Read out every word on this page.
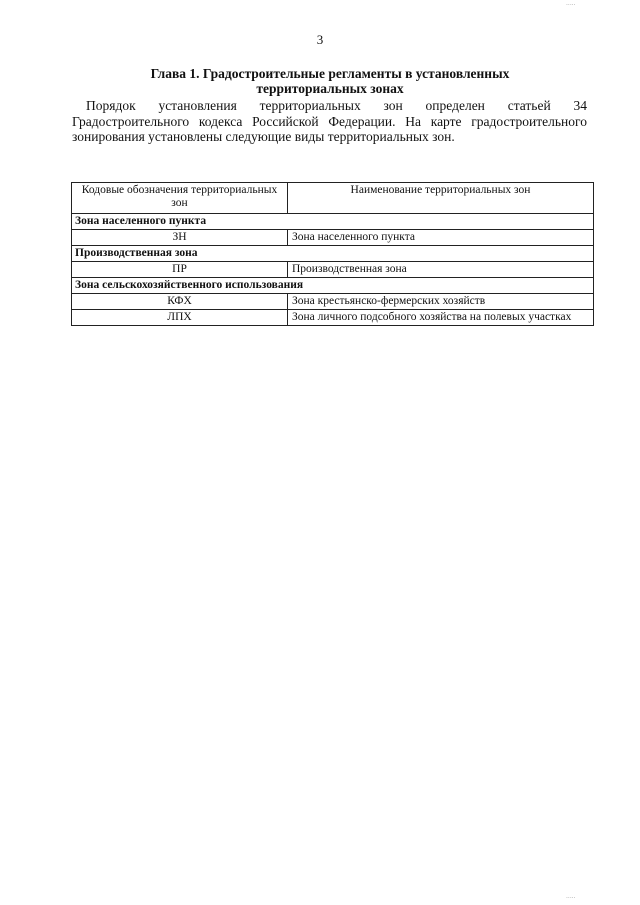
3
Глава 1. Градостроительные регламенты в установленных территориальных зонах

Порядок установления территориальных зон определен статьей 34 Градостроительного кодекса Российской Федерации. На карте градостроительного зонирования установлены следующие виды территориальных зон.

Кодовые обозначения территориальных зон	Наименование территориальных зон
Зона населенного пункта	
ЗН	Зона населенного пункта
Производственная зона	
ПР	Производственная зона
Зона сельскохозяйственного использования	
КФХ	Зона крестьянско-фермерских хозяйств
ЛПХ	Зона личного подсобного хозяйства на полевых участках
·····
·····
